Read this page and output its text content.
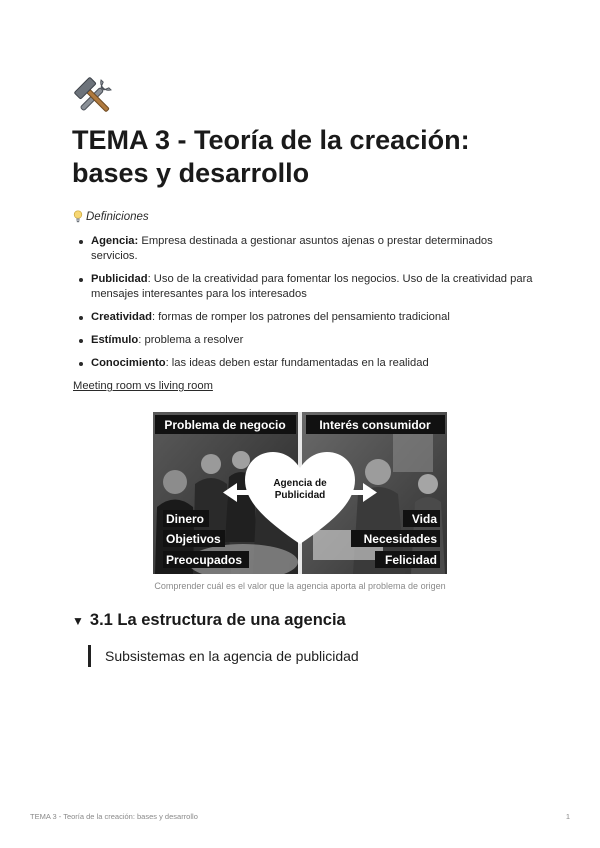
TEMA 3 - Teoría de la creación: bases y desarrollo
Definiciones
Agencia: Empresa destinada a gestionar asuntos ajenas o prestar determinados servicios.
Publicidad: Uso de la creatividad para fomentar los negocios. Uso de la creatividad para mensajes interesantes para los interesados
Creatividad: formas de romper los patrones del pensamiento tradicional
Estímulo: problema a resolver
Conocimiento: las ideas deben estar fundamentadas en la realidad
Meeting room vs living room
Agencia de
Publicidad
Problema de negocio	Interés consumidor
Dinero
Objetivos
Preocupados
Vida
Necesidades
Felicidad
Comprender cuál es el valor que la agencia aporta al problema de origen
▼ 3.1 La estructura de una agencia
Subsistemas en la agencia de publicidad
TEMA 3 - Teoría de la creación: bases y desarrollo	1
